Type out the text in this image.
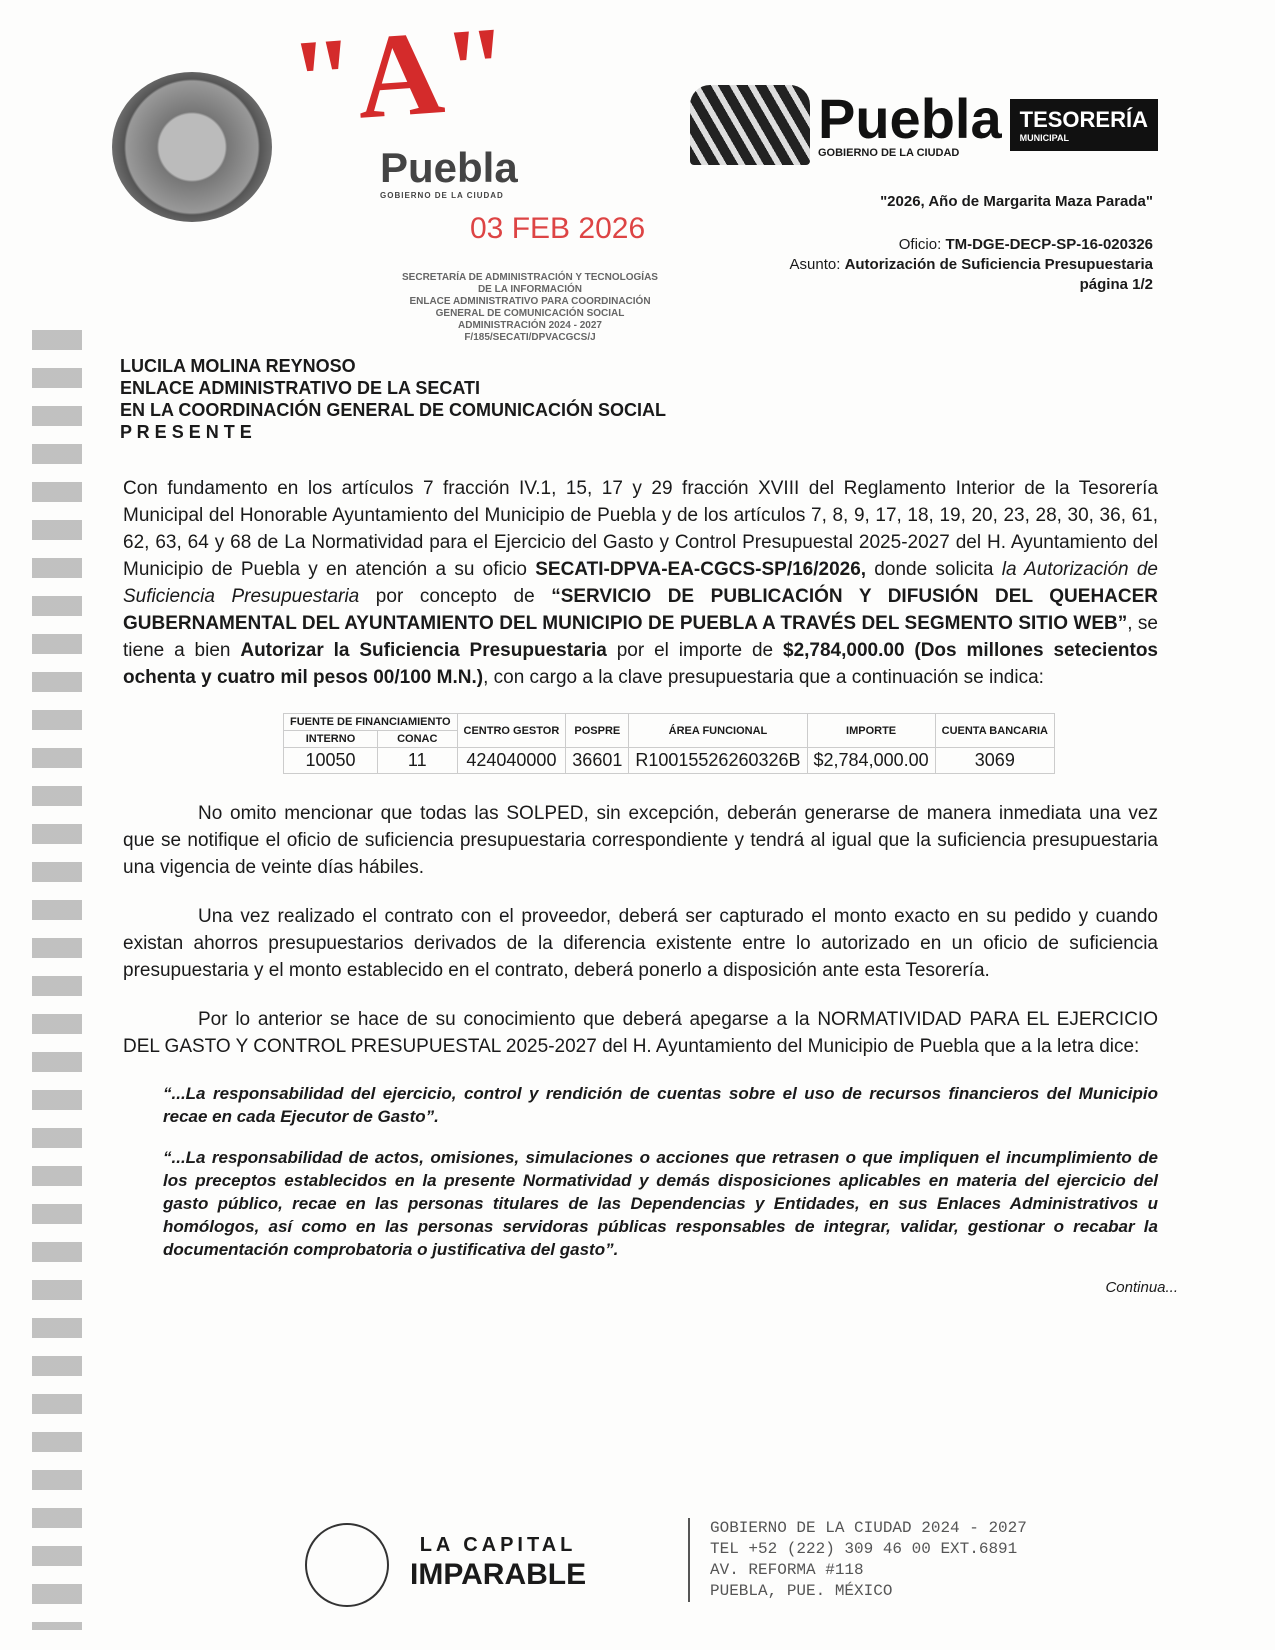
"A"
Puebla
GOBIERNO DE LA CIUDAD
03 FEB 2026
SECRETARÍA DE ADMINISTRACIÓN Y TECNOLOGÍAS
DE LA INFORMACIÓN
ENLACE ADMINISTRATIVO PARA COORDINACIÓN
GENERAL DE COMUNICACIÓN SOCIAL
ADMINISTRACIÓN 2024 - 2027
F/185/SECATI/DPVACGCS/J
Puebla
GOBIERNO DE LA CIUDAD
TESORERÍA
MUNICIPAL
"2026, Año de Margarita Maza Parada"
Oficio: TM-DGE-DECP-SP-16-020326
Asunto: Autorización de Suficiencia Presupuestaria
página 1/2
LUCILA MOLINA REYNOSO
ENLACE ADMINISTRATIVO DE LA SECATI
EN LA COORDINACIÓN GENERAL DE COMUNICACIÓN SOCIAL
P R E S E N T E
Con fundamento en los artículos 7 fracción IV.1, 15, 17 y 29 fracción XVIII del Reglamento Interior de la Tesorería Municipal del Honorable Ayuntamiento del Municipio de Puebla y de los artículos 7, 8, 9, 17, 18, 19, 20, 23, 28, 30, 36, 61, 62, 63, 64 y 68 de La Normatividad para el Ejercicio del Gasto y Control Presupuestal 2025-2027 del H. Ayuntamiento del Municipio de Puebla y en atención a su oficio SECATI-DPVA-EA-CGCS-SP/16/2026, donde solicita la Autorización de Suficiencia Presupuestaria por concepto de “SERVICIO DE PUBLICACIÓN Y DIFUSIÓN DEL QUEHACER GUBERNAMENTAL DEL AYUNTAMIENTO DEL MUNICIPIO DE PUEBLA A TRAVÉS DEL SEGMENTO SITIO WEB”, se tiene a bien Autorizar la Suficiencia Presupuestaria por el importe de $2,784,000.00 (Dos millones setecientos ochenta y cuatro mil pesos 00/100 M.N.), con cargo a la clave presupuestaria que a continuación se indica:
FUENTE DE FINANCIAMIENTO		CENTRO GESTOR	POSPRE	ÁREA FUNCIONAL	IMPORTE	CUENTA BANCARIA
INTERNO	CONAC					
10050	11	424040000	36601	R10015526260326B	$2,784,000.00	3069
No omito mencionar que todas las SOLPED, sin excepción, deberán generarse de manera inmediata una vez que se notifique el oficio de suficiencia presupuestaria correspondiente y tendrá al igual que la suficiencia presupuestaria una vigencia de veinte días hábiles.
Una vez realizado el contrato con el proveedor, deberá ser capturado el monto exacto en su pedido y cuando existan ahorros presupuestarios derivados de la diferencia existente entre lo autorizado en un oficio de suficiencia presupuestaria y el monto establecido en el contrato, deberá ponerlo a disposición ante esta Tesorería.
Por lo anterior se hace de su conocimiento que deberá apegarse a la NORMATIVIDAD PARA EL EJERCICIO DEL GASTO Y CONTROL PRESUPUESTAL 2025-2027 del H. Ayuntamiento del Municipio de Puebla que a la letra dice:
“...La responsabilidad del ejercicio, control y rendición de cuentas sobre el uso de recursos financieros del Municipio recae en cada Ejecutor de Gasto”.
“...La responsabilidad de actos, omisiones, simulaciones o acciones que retrasen o que impliquen el incumplimiento de los preceptos establecidos en la presente Normatividad y demás disposiciones aplicables en materia del ejercicio del gasto público, recae en las personas titulares de las Dependencias y Entidades, en sus Enlaces Administrativos u homólogos, así como en las personas servidoras públicas responsables de integrar, validar, gestionar o recabar la documentación comprobatoria o justificativa del gasto”.
Continua...
LA CAPITAL
IMPARABLE
GOBIERNO DE LA CIUDAD 2024 - 2027
TEL +52 (222) 309 46 00 EXT.6891
AV. REFORMA #118
PUEBLA, PUE. MÉXICO
